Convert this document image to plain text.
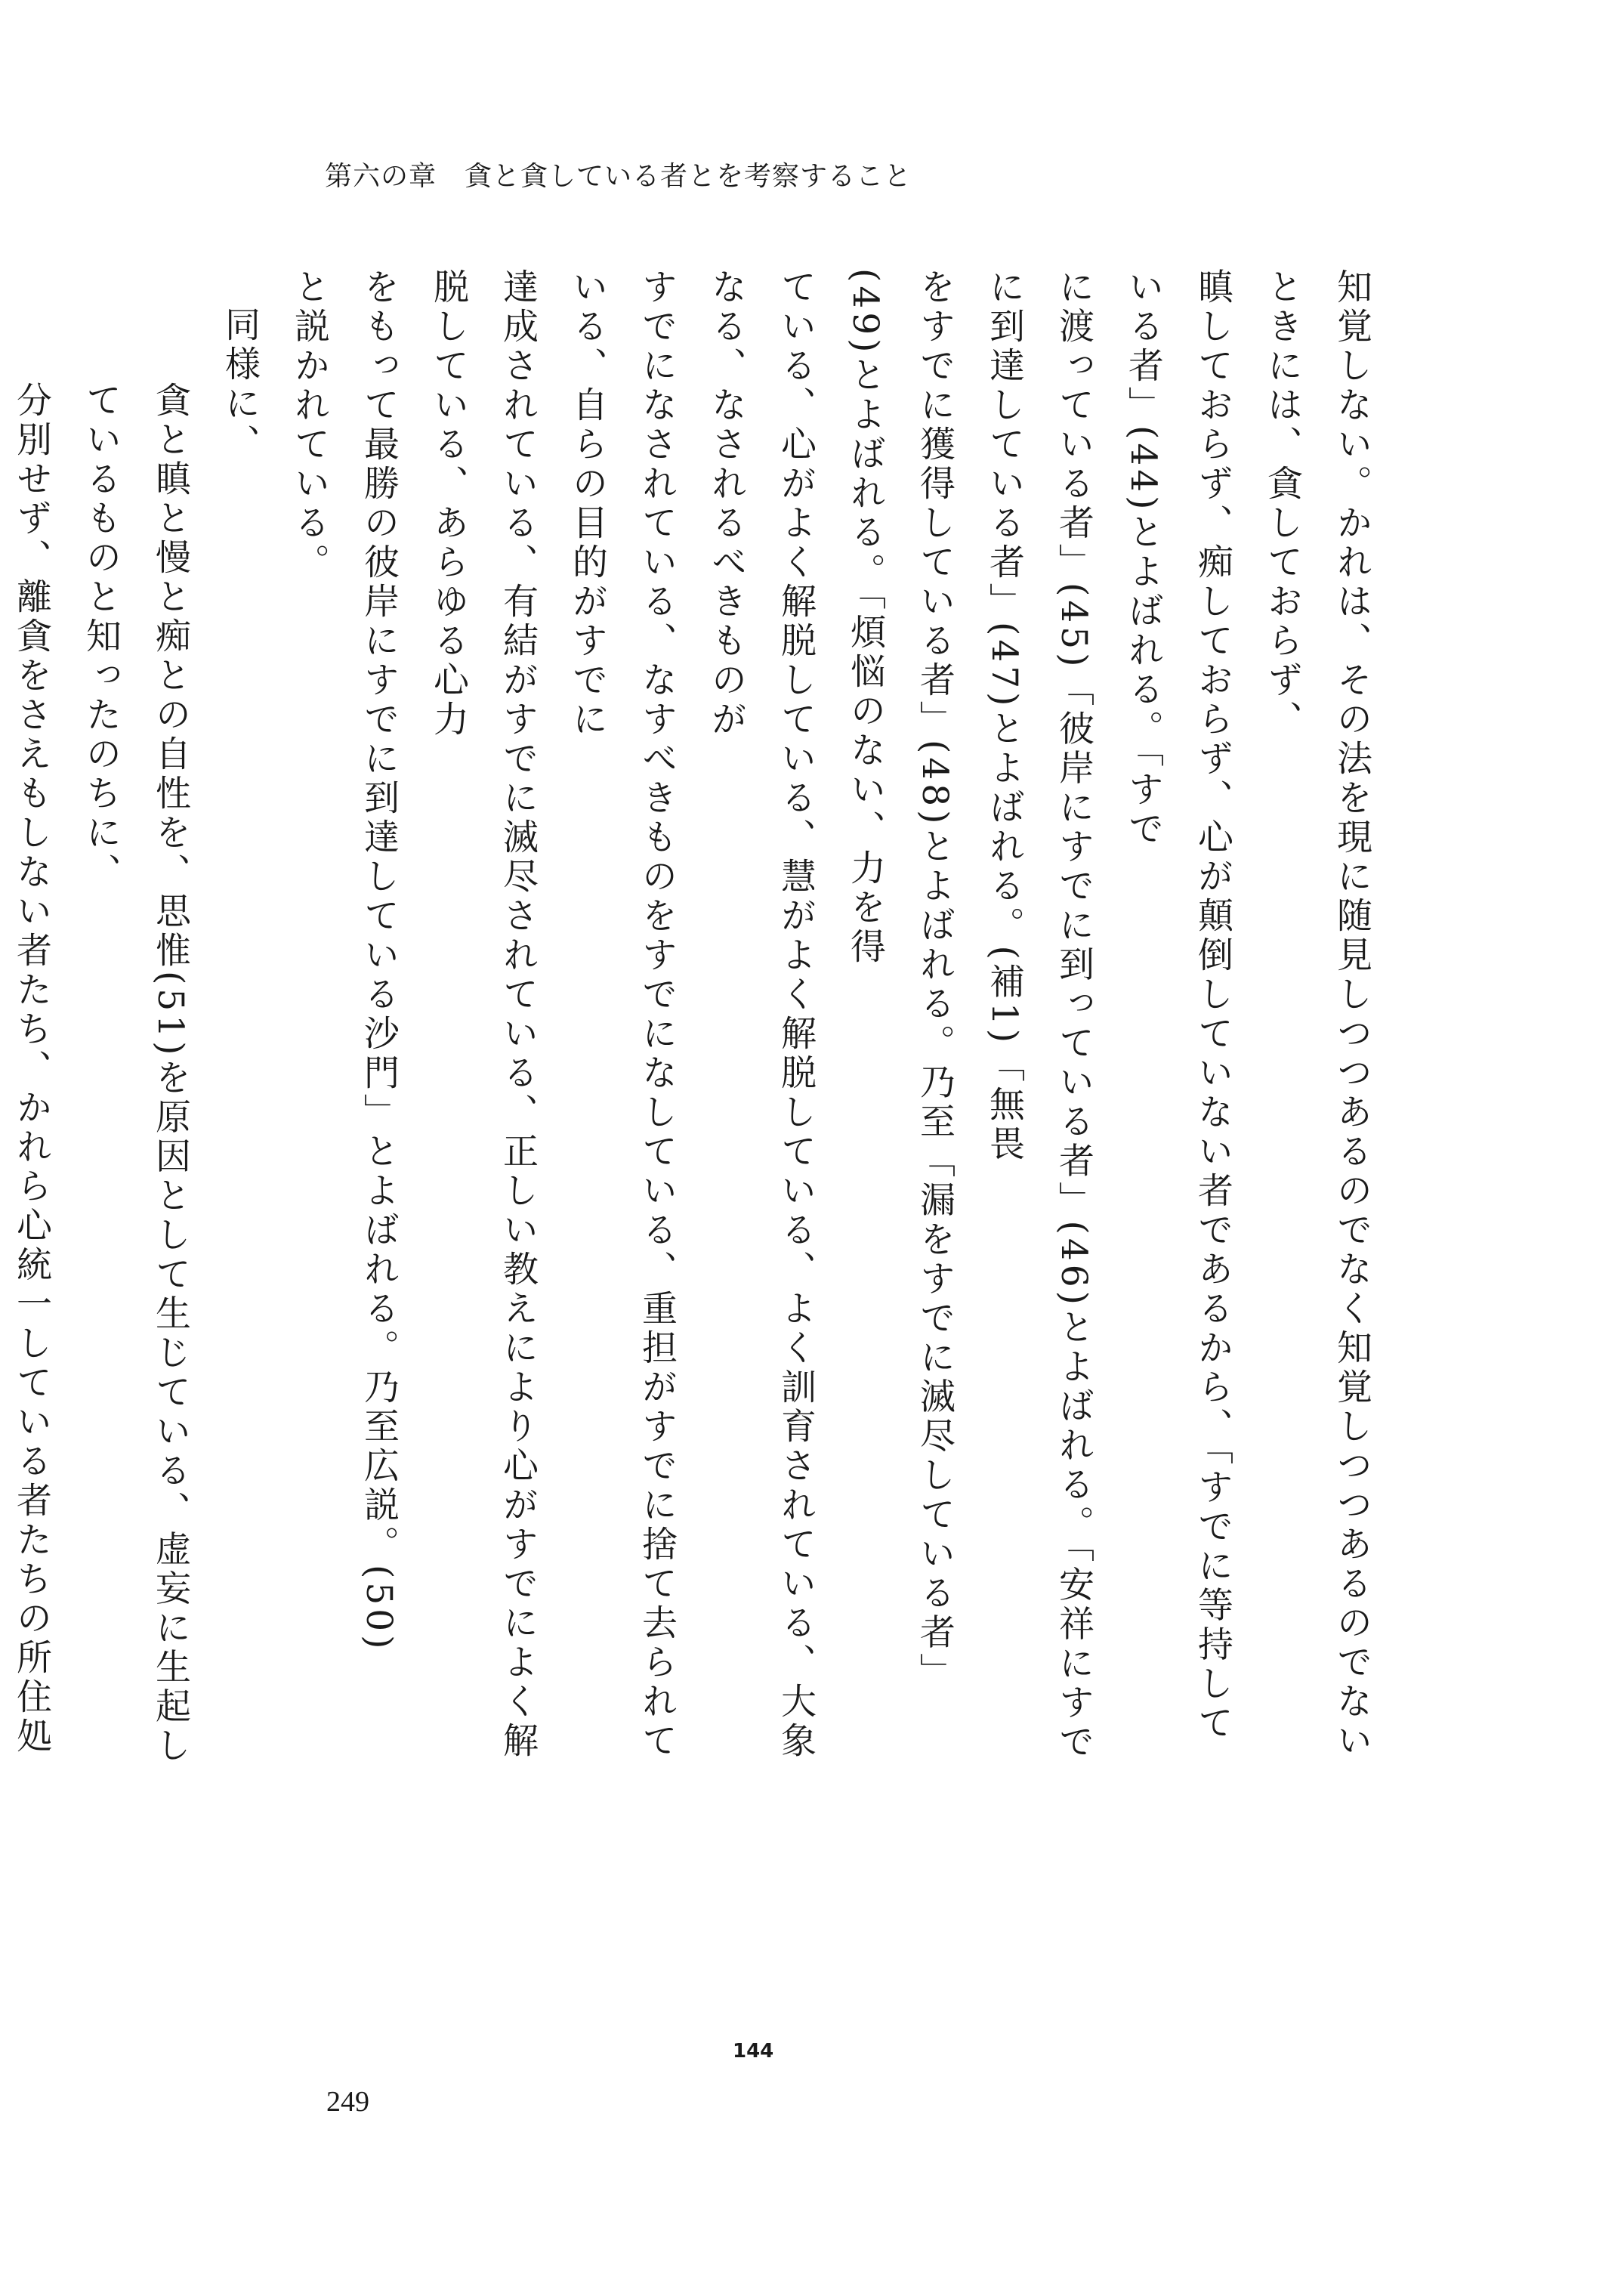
第六の章　貪と貪している者とを考察すること

知覚しない。かれは、その法を現に随見しつつあるのでなく知覚しつつあるのでないときには、貪しておらず、

瞋しておらず、痴しておらず、心が顛倒していない者であるから、「すでに等持している者」(44)とよばれる。「すで

に渡っている者」(45)「彼岸にすでに到っている者」(46)とよばれる。「安祥にすでに到達している者」(47)とよばれる。(補1)「無畏

をすでに獲得している者」(48)とよばれる。乃至「漏をすでに滅尽している者」(49)とよばれる。「煩悩のない、力を得

ている、心がよく解脱している、慧がよく解脱している、よく訓育されている、大象なる、なされるべきものが

すでになされている、なすべきものをすでになしている、重担がすでに捨て去られている、自らの目的がすでに

達成されている、有結がすでに滅尽されている、正しい教えにより心がすでによく解脱している、あらゆる心力

をもって最勝の彼岸にすでに到達している沙門」とよばれる。乃至広説。(50)

と説かれている。

同様に、

貪と瞋と慢と痴との自性を、思惟(51)を原因として生じている、虚妄に生起しているものと知ったのちに、

分別せず、離貪をさえもしない者たち、かれら心統一している者たちの所住処

144
249
